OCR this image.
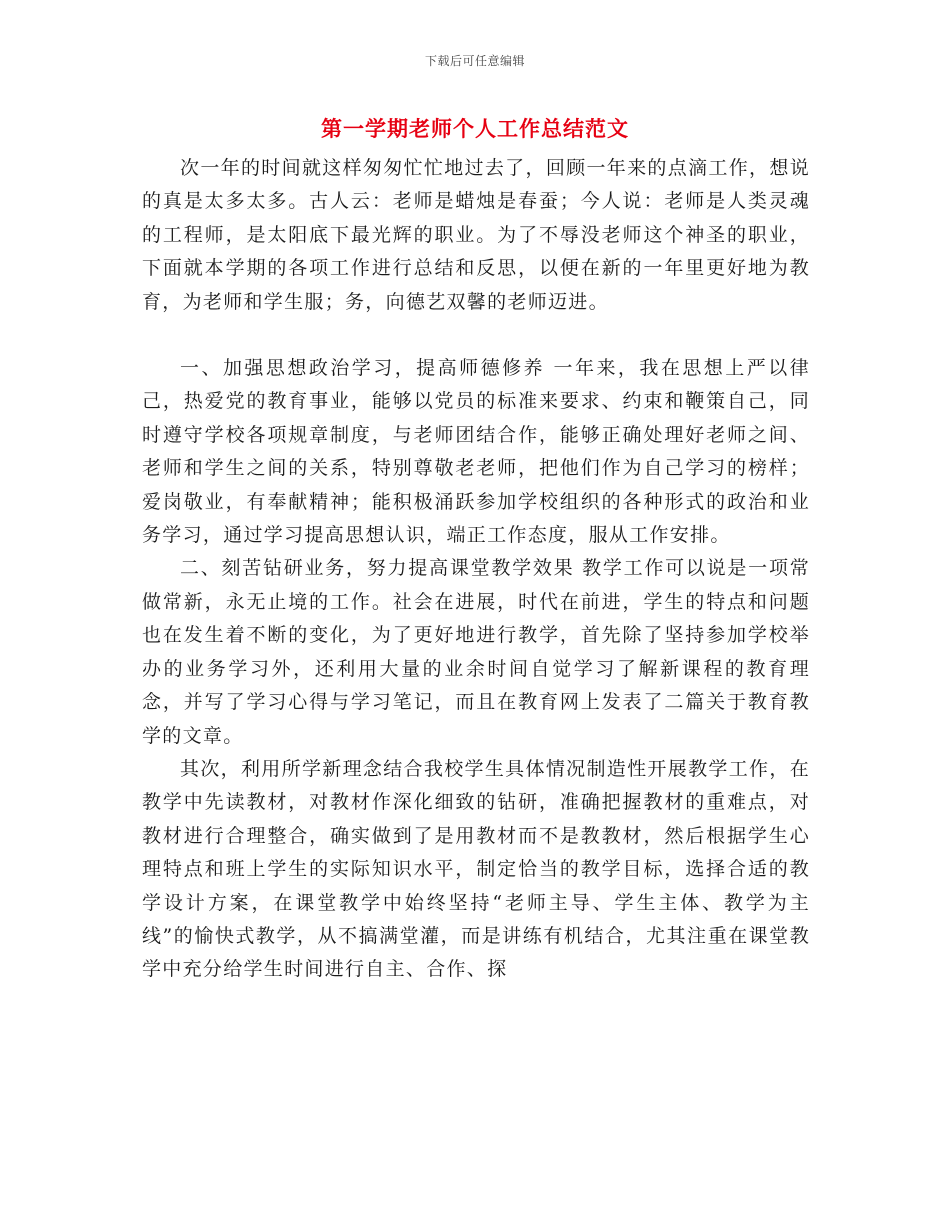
下载后可任意编辑
第一学期老师个人工作总结范文

次一年的时间就这样匆匆忙忙地过去了，回顾一年来的点滴工作，想说的真是太多太多。古人云：老师是蜡烛是春蚕；今人说：老师是人类灵魂的工程师，是太阳底下最光辉的职业。为了不辱没老师这个神圣的职业，下面就本学期的各项工作进行总结和反思，以便在新的一年里更好地为教育，为老师和学生服；务，向德艺双馨的老师迈进。

一、加强思想政治学习，提高师德修养 一年来，我在思想上严以律己，热爱党的教育事业，能够以党员的标准来要求、约束和鞭策自己，同时遵守学校各项规章制度，与老师团结合作，能够正确处理好老师之间、老师和学生之间的关系，特别尊敬老老师，把他们作为自己学习的榜样；爱岗敬业，有奉献精神；能积极涌跃参加学校组织的各种形式的政治和业务学习，通过学习提高思想认识，端正工作态度，服从工作安排。

二、刻苦钻研业务，努力提高课堂教学效果 教学工作可以说是一项常做常新，永无止境的工作。社会在进展，时代在前进，学生的特点和问题也在发生着不断的变化，为了更好地进行教学，首先除了坚持参加学校举办的业务学习外，还利用大量的业余时间自觉学习了解新课程的教育理念，并写了学习心得与学习笔记，而且在教育网上发表了二篇关于教育教学的文章。

其次，利用所学新理念结合我校学生具体情况制造性开展教学工作，在教学中先读教材，对教材作深化细致的钻研，准确把握教材的重难点，对教材进行合理整合，确实做到了是用教材而不是教教材，然后根据学生心理特点和班上学生的实际知识水平，制定恰当的教学目标，选择合适的教学设计方案，在课堂教学中始终坚持“老师主导、学生主体、教学为主线”的愉快式教学，从不搞满堂灌，而是讲练有机结合，尤其注重在课堂教学中充分给学生时间进行自主、合作、探
